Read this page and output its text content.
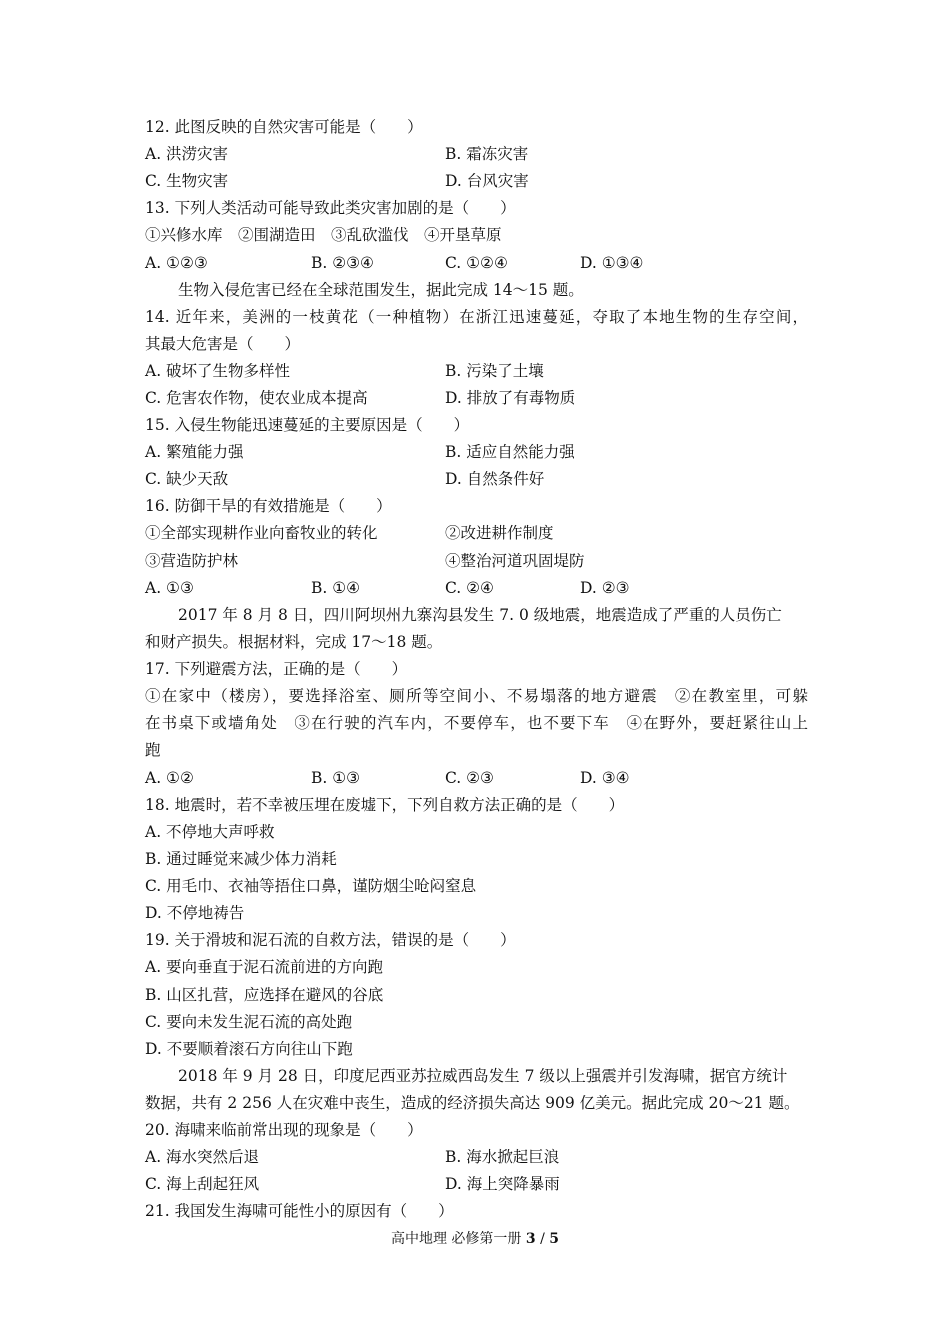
12. 此图反映的自然灾害可能是（　　）
A. 洪涝灾害	B. 霜冻灾害
C. 生物灾害	D. 台风灾害
13. 下列人类活动可能导致此类灾害加剧的是（　　）
①兴修水库　②围湖造田　③乱砍滥伐　④开垦草原
A. ①②③	B. ②③④	C. ①②④	D. ①③④
生物入侵危害已经在全球范围发生，据此完成 14～15 题。
14. 近年来，美洲的一枝黄花（一种植物）在浙江迅速蔓延，夺取了本地生物的生存空间，
其最大危害是（　　）
A. 破坏了生物多样性	B. 污染了土壤
C. 危害农作物，使农业成本提高	D. 排放了有毒物质
15. 入侵生物能迅速蔓延的主要原因是（　　）
A. 繁殖能力强	B. 适应自然能力强
C. 缺少天敌	D. 自然条件好
16. 防御干旱的有效措施是（　　）
①全部实现耕作业向畜牧业的转化	②改进耕作制度
③营造防护林	④整治河道巩固堤防
A. ①③	B. ①④	C. ②④	D. ②③
2017 年 8 月 8 日，四川阿坝州九寨沟县发生 7. 0 级地震，地震造成了严重的人员伤亡
和财产损失。根据材料，完成 17～18 题。
17. 下列避震方法，正确的是（　　）
①在家中（楼房），要选择浴室、厕所等空间小、不易塌落的地方避震　②在教室里，可躲
在书桌下或墙角处　③在行驶的汽车内，不要停车，也不要下车　④在野外，要赶紧往山上
跑
A. ①②	B. ①③	C. ②③	D. ③④
18. 地震时，若不幸被压埋在废墟下，下列自救方法正确的是（　　）
A. 不停地大声呼救
B. 通过睡觉来减少体力消耗
C. 用毛巾、衣袖等捂住口鼻，谨防烟尘呛闷窒息
D. 不停地祷告
19. 关于滑坡和泥石流的自救方法，错误的是（　　）
A. 要向垂直于泥石流前进的方向跑
B. 山区扎营，应选择在避风的谷底
C. 要向未发生泥石流的高处跑
D. 不要顺着滚石方向往山下跑
2018 年 9 月 28 日，印度尼西亚苏拉威西岛发生 7 级以上强震并引发海啸，据官方统计
数据，共有 2 256 人在灾难中丧生，造成的经济损失高达 909 亿美元。据此完成 20～21 题。
20. 海啸来临前常出现的现象是（　　）
A. 海水突然后退	B. 海水掀起巨浪
C. 海上刮起狂风	D. 海上突降暴雨
21. 我国发生海啸可能性小的原因有（　　）
高中地理 必修第一册 3 / 5
